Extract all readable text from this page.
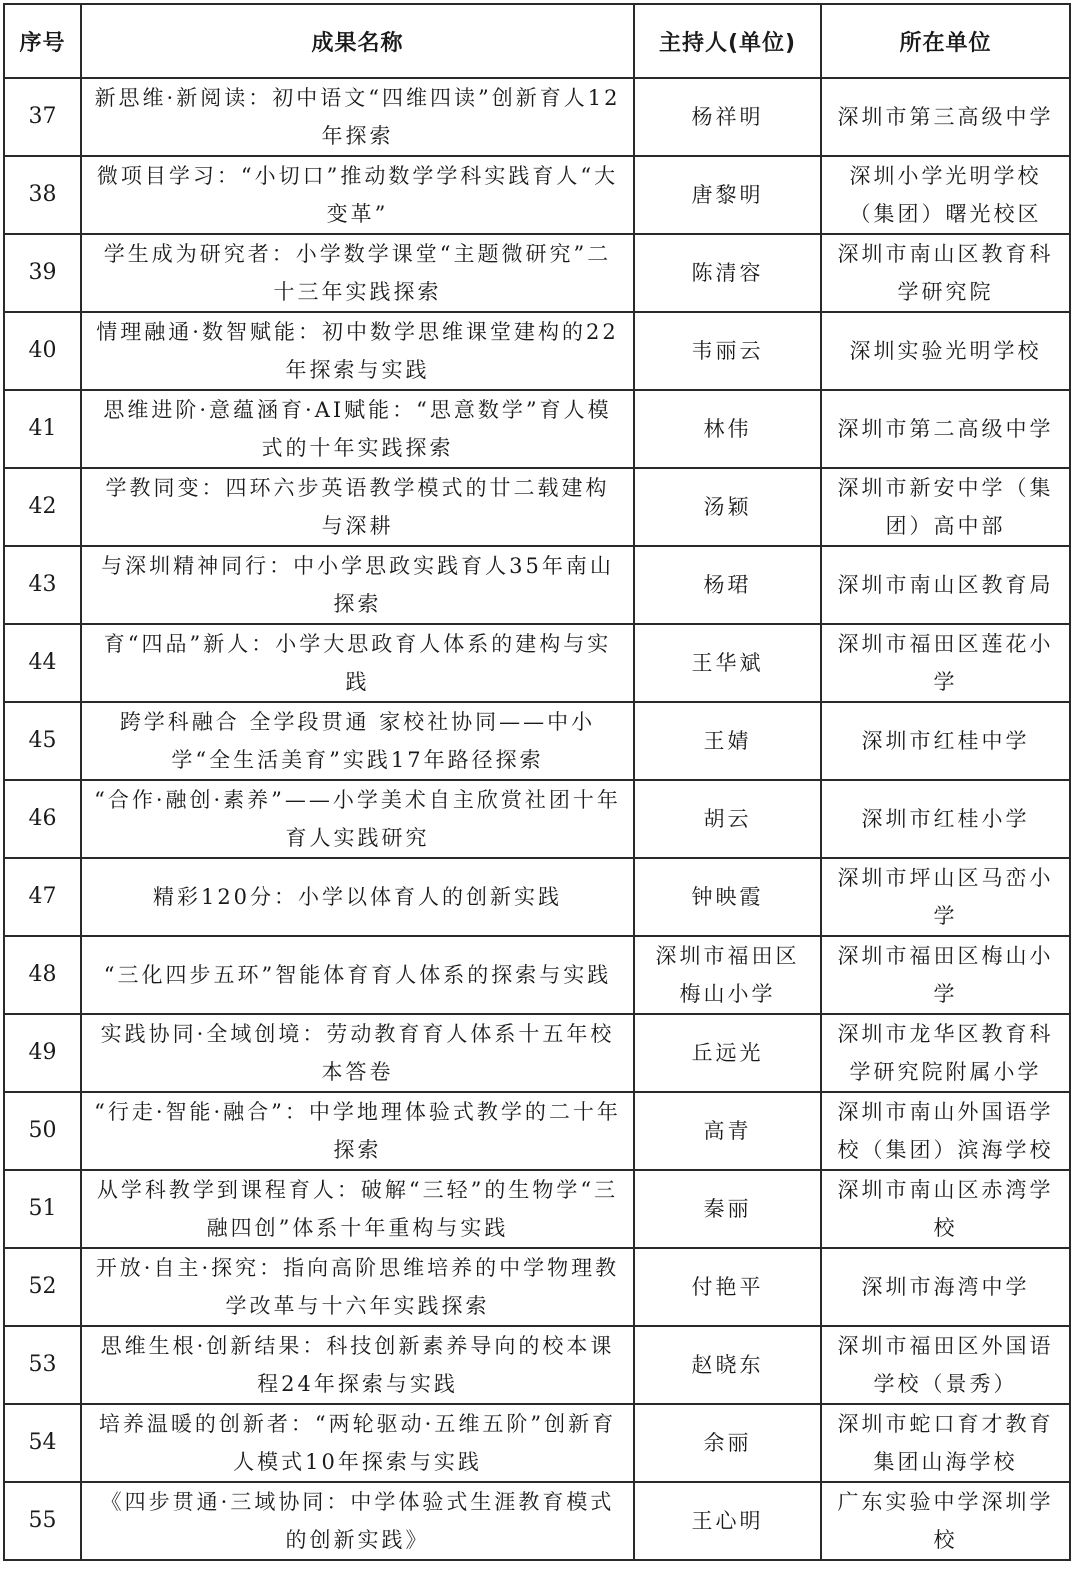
序号	成果名称	主持人(单位)	所在单位
37	新思维·新阅读：初中语文“四维四读”创新育人12年探索	杨祥明	深圳市第三高级中学
38	微项目学习：“小切口”推动数学学科实践育人“大变革”	唐黎明	深圳小学光明学校（集团）曙光校区
39	学生成为研究者：小学数学课堂“主题微研究”二十三年实践探索	陈清容	深圳市南山区教育科学研究院
40	情理融通·数智赋能：初中数学思维课堂建构的22年探索与实践	韦丽云	深圳实验光明学校
41	思维进阶·意蕴涵育·AI赋能：“思意数学”育人模式的十年实践探索	林伟	深圳市第二高级中学
42	学教同变：四环六步英语教学模式的廿二载建构与深耕	汤颖	深圳市新安中学（集团）高中部
43	与深圳精神同行：中小学思政实践育人35年南山探索	杨珺	深圳市南山区教育局
44	育“四品”新人：小学大思政育人体系的建构与实践	王华斌	深圳市福田区莲花小学
45	跨学科融合 全学段贯通 家校社协同——中小学“全生活美育”实践17年路径探索	王婧	深圳市红桂中学
46	“合作·融创·素养”——小学美术自主欣赏社团十年育人实践研究	胡云	深圳市红桂小学
47	精彩120分：小学以体育人的创新实践	钟映霞	深圳市坪山区马峦小学
48	“三化四步五环”智能体育育人体系的探索与实践	深圳市福田区梅山小学	深圳市福田区梅山小学
49	实践协同·全域创境：劳动教育育人体系十五年校本答卷	丘远光	深圳市龙华区教育科学研究院附属小学
50	“行走·智能·融合”：中学地理体验式教学的二十年探索	高青	深圳市南山外国语学校（集团）滨海学校
51	从学科教学到课程育人：破解“三轻”的生物学“三融四创”体系十年重构与实践	秦丽	深圳市南山区赤湾学校
52	开放·自主·探究：指向高阶思维培养的中学物理教学改革与十六年实践探索	付艳平	深圳市海湾中学
53	思维生根·创新结果：科技创新素养导向的校本课程24年探索与实践	赵晓东	深圳市福田区外国语学校（景秀）
54	培养温暖的创新者：“两轮驱动·五维五阶”创新育人模式10年探索与实践	余丽	深圳市蛇口育才教育集团山海学校
55	《四步贯通·三域协同：中学体验式生涯教育模式的创新实践》	王心明	广东实验中学深圳学校
